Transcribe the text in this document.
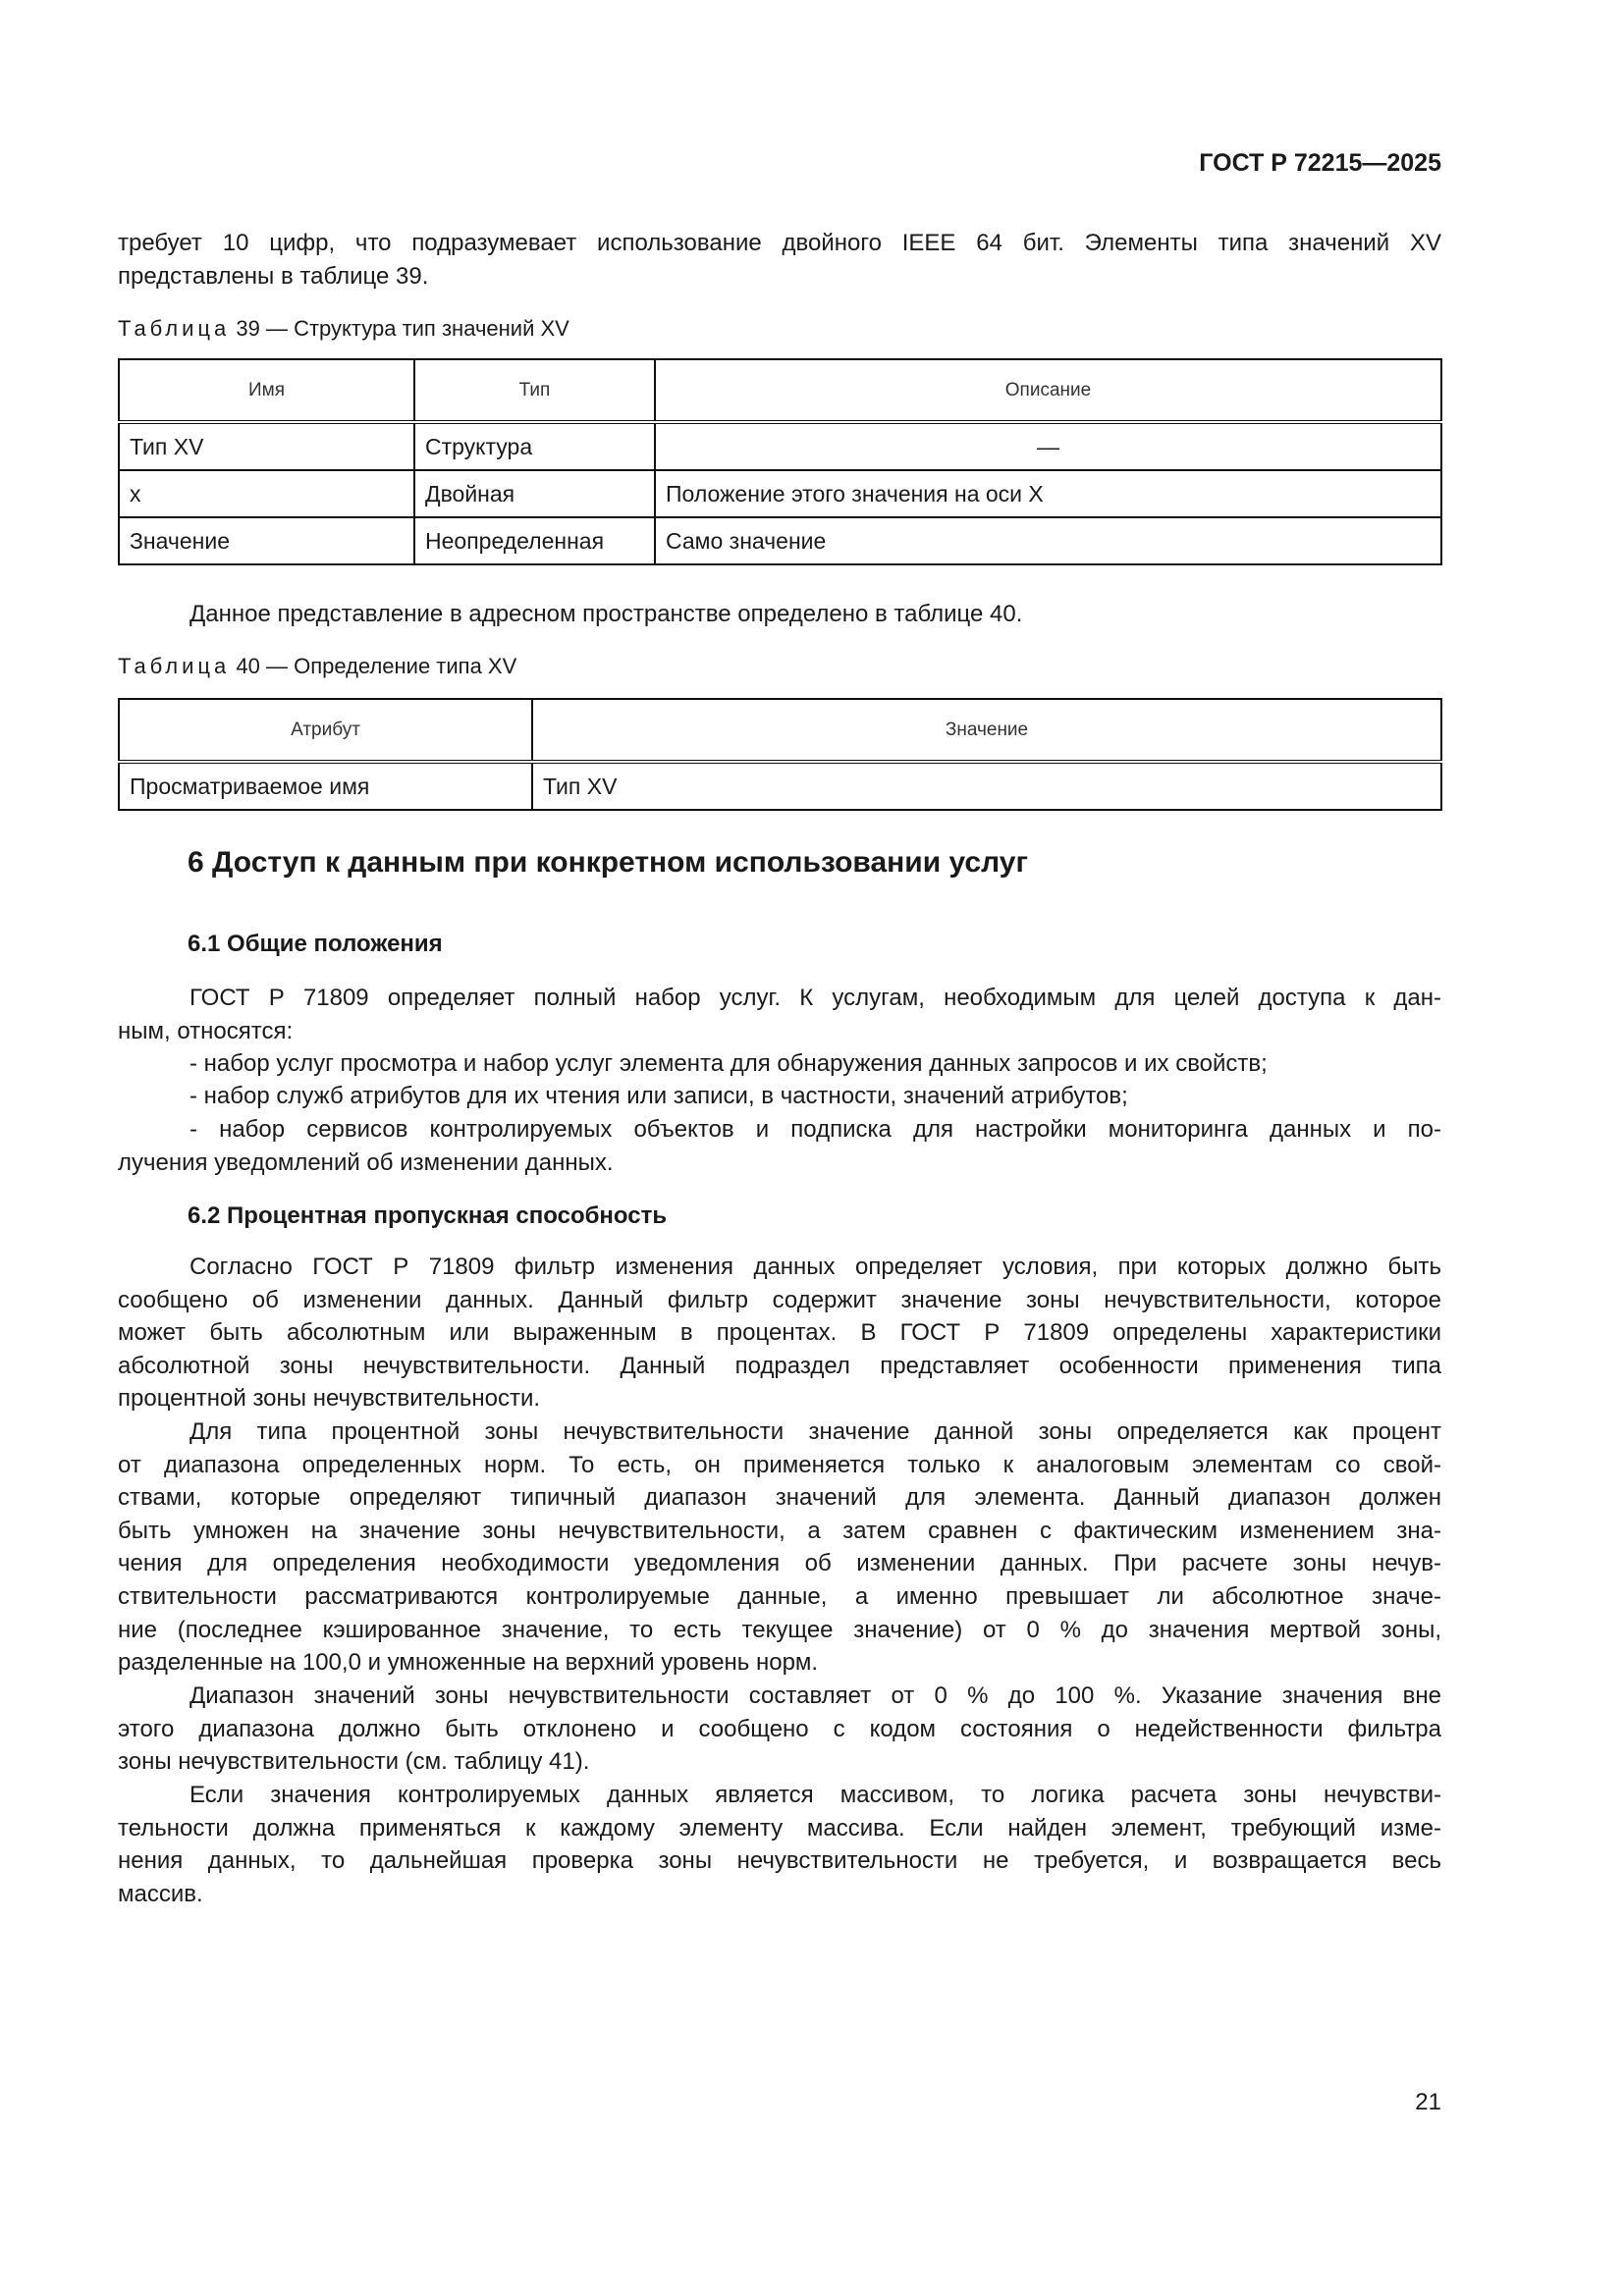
ГОСТ Р 72215—2025
требует 10 цифр, что подразумевает использование двойного IEEE 64 бит. Элементы типа значений XV
представлены в таблице 39.
Таблица 39 — Структура тип значений XV
Имя	Тип	Описание
Тип XV	Структура	—
x	Двойная	Положение этого значения на оси X
Значение	Неопределенная	Само значение
Данное представление в адресном пространстве определено в таблице 40.
Таблица 40 — Определение типа XV
Атрибут	Значение
Просматриваемое имя	Тип XV
6 Доступ к данным при конкретном использовании услуг
6.1 Общие положения
ГОСТ Р 71809 определяет полный набор услуг. К услугам, необходимым для целей доступа к дан-
ным, относятся:
- набор услуг просмотра и набор услуг элемента для обнаружения данных запросов и их свойств;
- набор служб атрибутов для их чтения или записи, в частности, значений атрибутов;
- набор сервисов контролируемых объектов и подписка для настройки мониторинга данных и по-
лучения уведомлений об изменении данных.
6.2 Процентная пропускная способность
Согласно ГОСТ Р 71809 фильтр изменения данных определяет условия, при которых должно быть
сообщено об изменении данных. Данный фильтр содержит значение зоны нечувствительности, которое
может быть абсолютным или выраженным в процентах. В ГОСТ Р 71809 определены характеристики
абсолютной зоны нечувствительности. Данный подраздел представляет особенности применения типа
процентной зоны нечувствительности.
Для типа процентной зоны нечувствительности значение данной зоны определяется как процент
от диапазона определенных норм. То есть, он применяется только к аналоговым элементам со свой-
ствами, которые определяют типичный диапазон значений для элемента. Данный диапазон должен
быть умножен на значение зоны нечувствительности, а затем сравнен с фактическим изменением зна-
чения для определения необходимости уведомления об изменении данных. При расчете зоны нечув-
ствительности рассматриваются контролируемые данные, а именно превышает ли абсолютное значе-
ние (последнее кэшированное значение, то есть текущее значение) от 0 % до значения мертвой зоны,
разделенные на 100,0 и умноженные на верхний уровень норм.
Диапазон значений зоны нечувствительности составляет от 0 % до 100 %. Указание значения вне
этого диапазона должно быть отклонено и сообщено с кодом состояния о недейственности фильтра
зоны нечувствительности (см. таблицу 41).
Если значения контролируемых данных является массивом, то логика расчета зоны нечувстви-
тельности должна применяться к каждому элементу массива. Если найден элемент, требующий изме-
нения данных, то дальнейшая проверка зоны нечувствительности не требуется, и возвращается весь
массив.
21
